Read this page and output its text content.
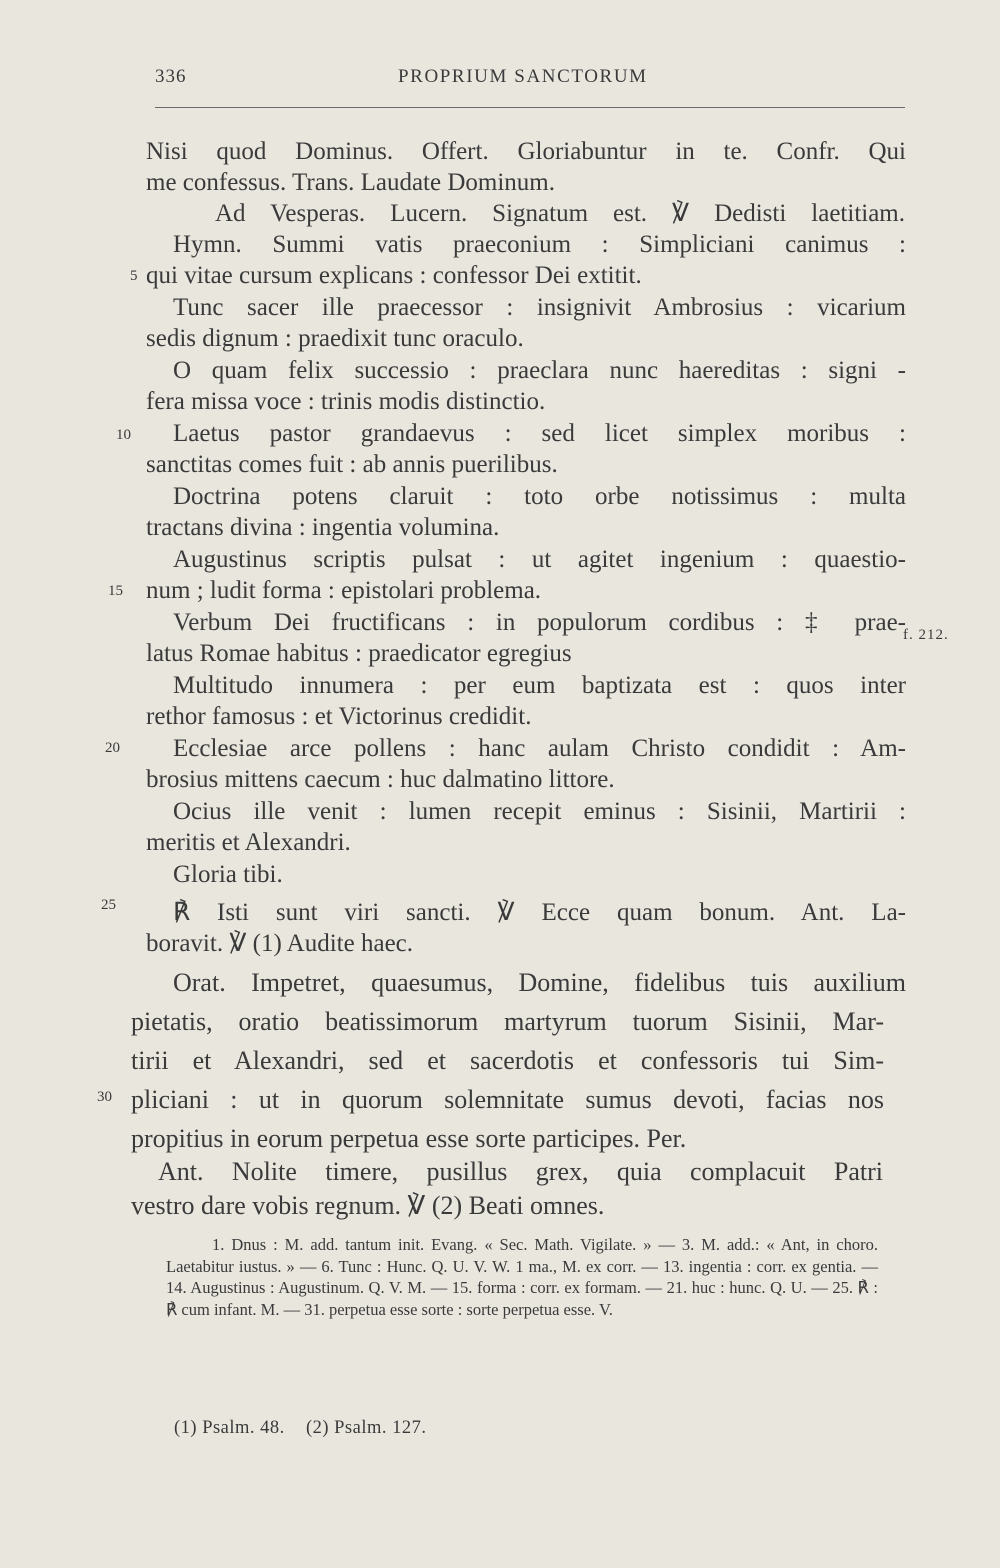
336	PROPRIUM SANCTORUM
Nisi quod Dominus. Offert. Gloriabuntur in te. Confr. Qui
me confessus. Trans. Laudate Dominum.
Ad Vesperas. Lucern. Signatum est. ℣ Dedisti laetitiam.
Hymn. Summi vatis praeconium : Simpliciani canimus :
qui vitae cursum explicans : confessor Dei extitit.
Tunc sacer ille praecessor : insignivit Ambrosius : vicarium
sedis dignum : praedixit tunc oraculo.
O quam felix successio : praeclara nunc haereditas : signi -
fera missa voce : trinis modis distinctio.
Laetus pastor grandaevus : sed licet simplex moribus :
sanctitas comes fuit : ab annis puerilibus.
Doctrina potens claruit : toto orbe notissimus : multa
tractans divina : ingentia volumina.
Augustinus scriptis pulsat : ut agitet ingenium : quaestio-
num ; ludit forma : epistolari problema.
Verbum Dei fructificans : in populorum cordibus : ‡ prae-
latus Romae habitus : praedicator egregius
Multitudo innumera : per eum baptizata est : quos inter
rethor famosus : et Victorinus credidit.
Ecclesiae arce pollens : hanc aulam Christo condidit : Am-
brosius mittens caecum : huc dalmatino littore.
Ocius ille venit : lumen recepit eminus : Sisinii, Martirii :
meritis et Alexandri.
Gloria tibi.
℟ Isti sunt viri sancti. ℣ Ecce quam bonum. Ant. La-
boravit. ℣ (1) Audite haec.
Orat. Impetret, quaesumus, Domine, fidelibus tuis auxilium
pietatis, oratio beatissimorum martyrum tuorum Sisinii, Mar-
tirii et Alexandri, sed et sacerdotis et confessoris tui Sim-
pliciani : ut in quorum solemnitate sumus devoti, facias nos
propitius in eorum perpetua esse sorte participes. Per.
Ant. Nolite timere, pusillus grex, quia complacuit Patri
vestro dare vobis regnum. ℣ (2) Beati omnes.
5
10
15
20
25
30
f. 212.

1. Dnus : M. add. tantum init. Evang. « Sec. Math. Vigilate. » — 3. M. add.: « Ant, in choro. Laetabitur iustus. » — 6. Tunc : Hunc. Q. U. V. W. 1 ma., M. ex corr. — 13. ingentia : corr. ex gentia. — 14. Augustinus : Augustinum. Q. V. M. — 15. forma : corr. ex formam. — 21. huc : hunc. Q. U. — 25. ℟ : ℟ cum infant. M. — 31. perpetua esse sorte : sorte perpetua esse. V.

(1) Psalm. 48. (2) Psalm. 127.
